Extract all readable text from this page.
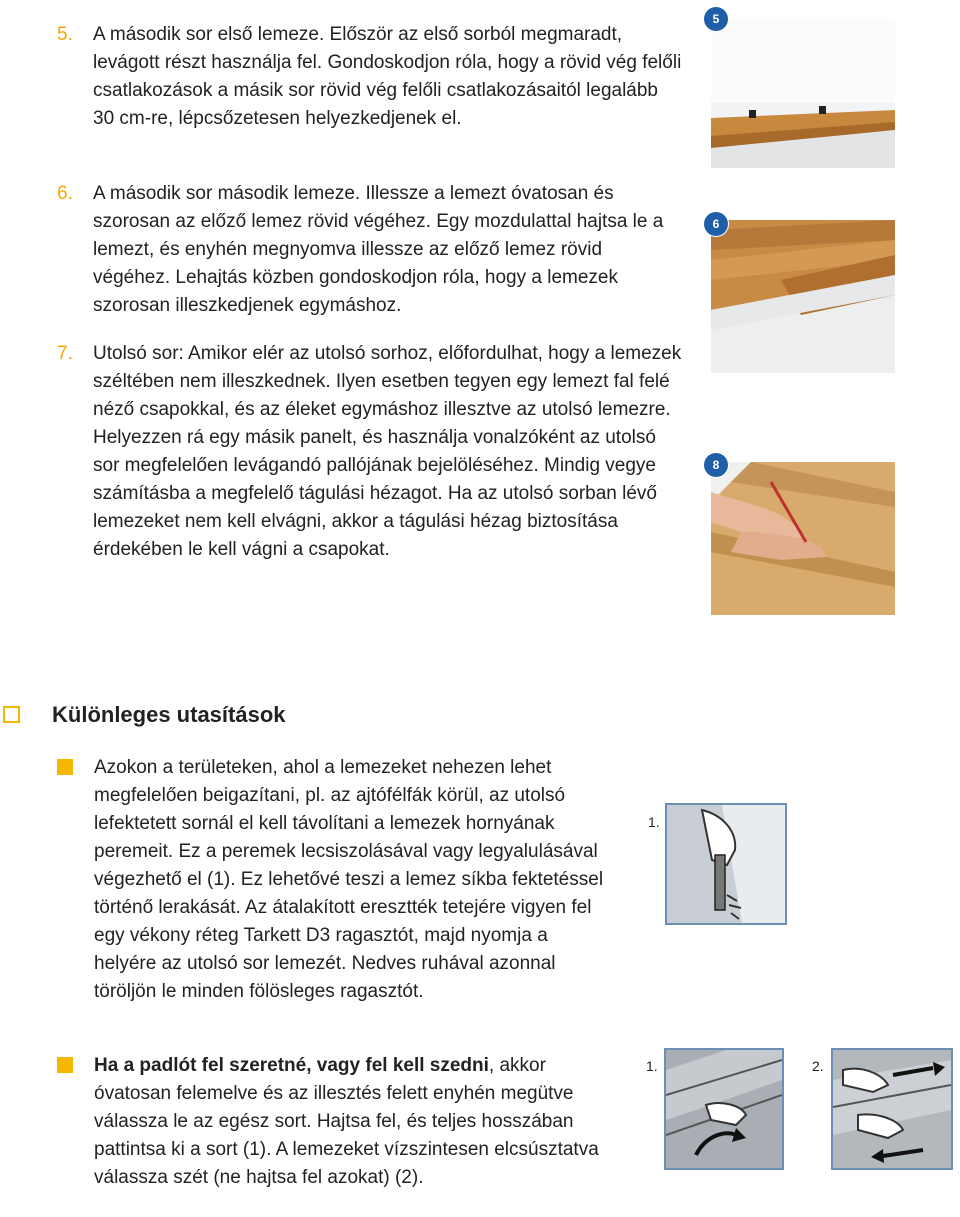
5. A második sor első lemeze. Először az első sorból megmaradt, levágott részt használja fel. Gondoskodjon róla, hogy a rövid vég felőli csatlakozások a másik sor rövid vég felőli csatlakozásaitól legalább 30 cm-re, lépcsőzetesen helyezkedjenek el.
6. A második sor második lemeze. Illessze a lemezt óvatosan és szorosan az előző lemez rövid végéhez. Egy mozdulattal hajtsa le a lemezt, és enyhén megnyomva illessze az előző lemez rövid végéhez. Lehajtás közben gondoskodjon róla, hogy a lemezek szorosan illeszkedjenek egymáshoz.
7. Utolsó sor: Amikor elér az utolsó sorhoz, előfordulhat, hogy a lemezek széltében nem illeszkednek. Ilyen esetben tegyen egy lemezt fal felé néző csapokkal, és az éleket egymáshoz illesztve az utolsó lemezre. Helyezzen rá egy másik panelt, és használja vonalzóként az utolsó sor megfelelően levágandó pallójának bejelöléséhez. Mindig vegye számításba a megfelelő tágulási hézagot. Ha az utolsó sorban lévő lemezeket nem kell elvágni, akkor a tágulási hézag biztosítása érdekében le kell vágni a csapokat.
5
6
8
Különleges utasítások
Azokon a területeken, ahol a lemezeket nehezen lehet megfelelően beigazítani, pl. az ajtófélfák körül, az utolsó lefektetett sornál el kell távolítani a lemezek hornyának peremeit. Ez a peremek lecsiszolásával vagy legyalulásával végezhető el (1). Ez lehetővé teszi a lemez síkba fektetéssel történő lerakását. Az átalakított eresztték tetejére vigyen fel egy vékony réteg Tarkett D3 ragasztót, majd nyomja a helyére az utolsó sor lemezét. Nedves ruhával azonnal töröljön le minden fölösleges ragasztót.
Ha a padlót fel szeretné, vagy fel kell szedni, akkor óvatosan felemelve és az illesztés felett enyhén megütve válassza le az egész sort. Hajtsa fel, és teljes hosszában pattintsa ki a sort (1). A lemezeket vízszintesen elcsúsztatva válassza szét (ne hajtsa fel azokat) (2).
1.
1.	2.
